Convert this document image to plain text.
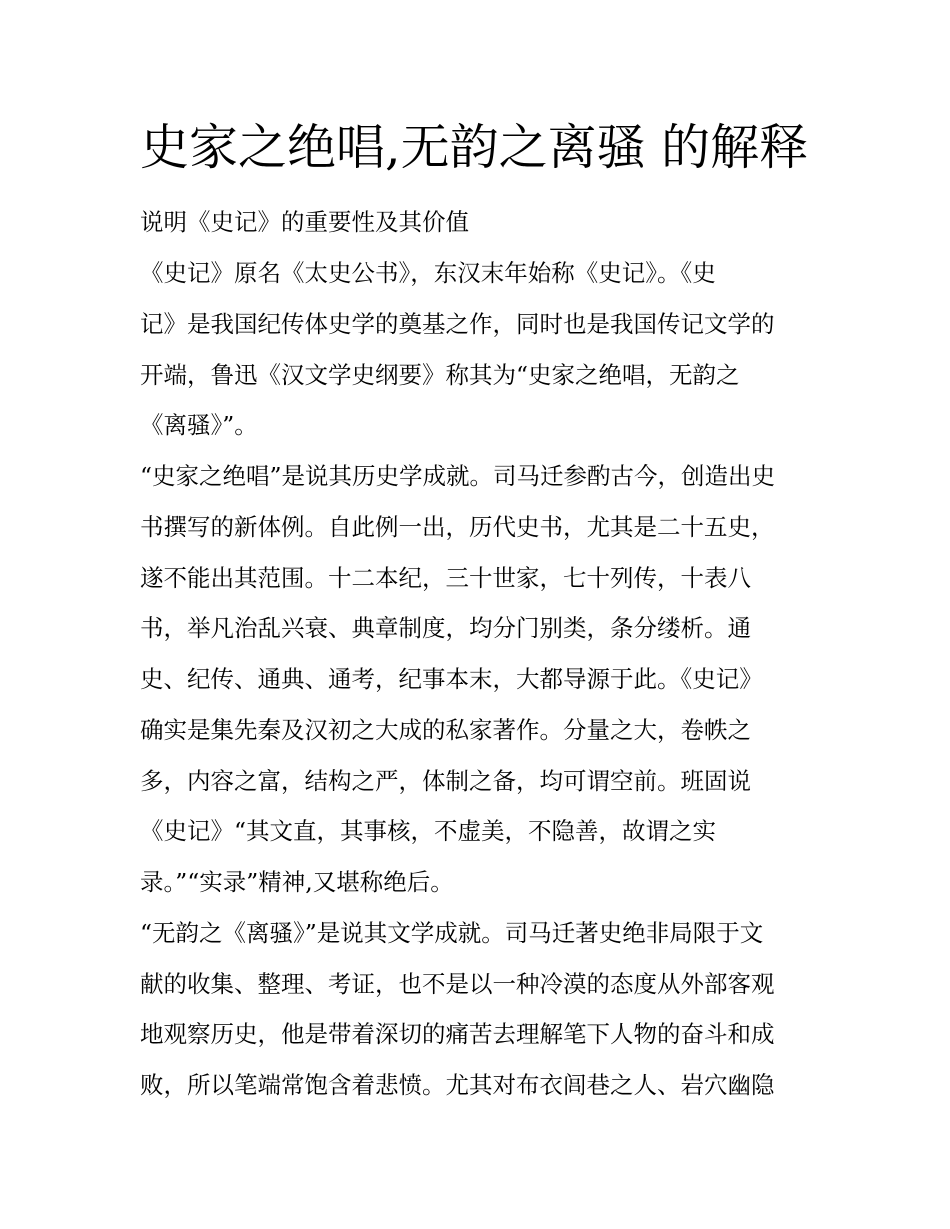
史家之绝唱,无韵之离骚 的解释
说明《史记》的重要性及其价值
《史记》原名《太史公书》，东汉末年始称《史记》。《史
记》是我国纪传体史学的奠基之作，同时也是我国传记文学的
开端，鲁迅《汉文学史纲要》称其为“史家之绝唱，无韵之
《离骚》”。
“史家之绝唱”是说其历史学成就。司马迁参酌古今，创造出史
书撰写的新体例。自此例一出，历代史书，尤其是二十五史，
遂不能出其范围。十二本纪，三十世家，七十列传，十表八
书，举凡治乱兴衰、典章制度，均分门别类，条分缕析。通
史、纪传、通典、通考，纪事本末，大都导源于此。《史记》
确实是集先秦及汉初之大成的私家著作。分量之大，卷帙之
多，内容之富，结构之严，体制之备，均可谓空前。班固说
《史记》“其文直，其事核，不虚美，不隐善，故谓之实
录。”“实录”精神,又堪称绝后。
“无韵之《离骚》”是说其文学成就。司马迁著史绝非局限于文
献的收集、整理、考证，也不是以一种冷漠的态度从外部客观
地观察历史，他是带着深切的痛苦去理解笔下人物的奋斗和成
败，所以笔端常饱含着悲愤。尤其对布衣闾巷之人、岩穴幽隐
